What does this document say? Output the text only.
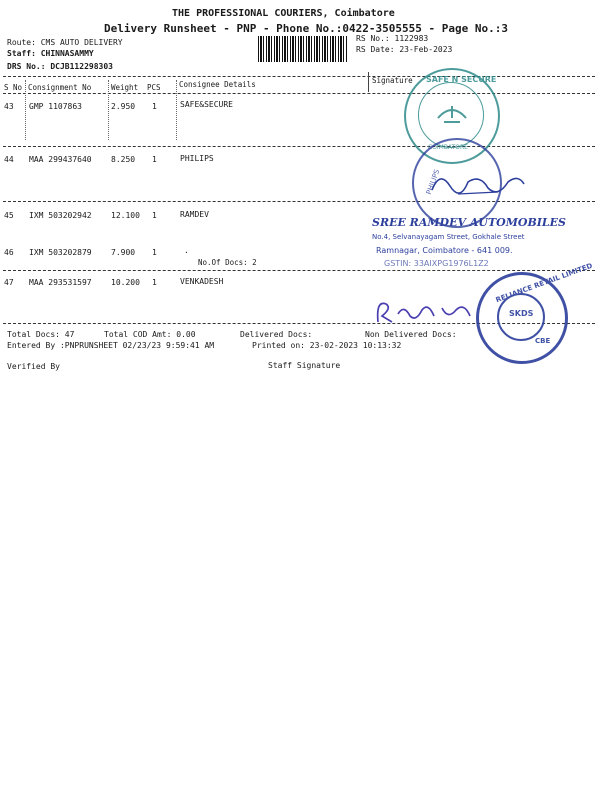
THE PROFESSIONAL COURIERS, Coimbatore
Delivery Runsheet - PNP - Phone No.:0422-3505555 - Page No.:3
Route: CMS AUTO DELIVERY
Staff: CHINNASAMMY
DRS No.: DCJB112298303
RS No.: 1122983
RS Date: 23-Feb-2023
S No Consignment No	Weight PCS Consignee Details	Signature
43 GMP 1107863	2.950 1	SAFE&SECURE
44 MAA 299437640 8.250 1	PHILIPS
45 IXM 503202942 12.100 1	RAMDEV
46 IXM 503202879 7.900 1	.
No.Of Docs: 2
47 MAA 293531597 10.200 1	VENKADESH
SAFE N SECURE
COIMBATORE
PHILIPS
SREE RAMDEV AUTOMOBILES
No.4, Selvanayagam Street, Gokhale Street
Ramnagar, Coimbatore - 641 009.
GSTIN: 33AIXPG1976L1Z2 RELIANCE RETAIL LIMITED
SKDS
CBE
Total Docs: 47	Total COD Amt: 0.00	Delivered Docs:	Non Delivered Docs:
Entered By :PNPRUNSHEET 02/23/23 9:59:41 AM	Printed on: 23-02-2023 10:13:32
Verified By	Staff Signature
